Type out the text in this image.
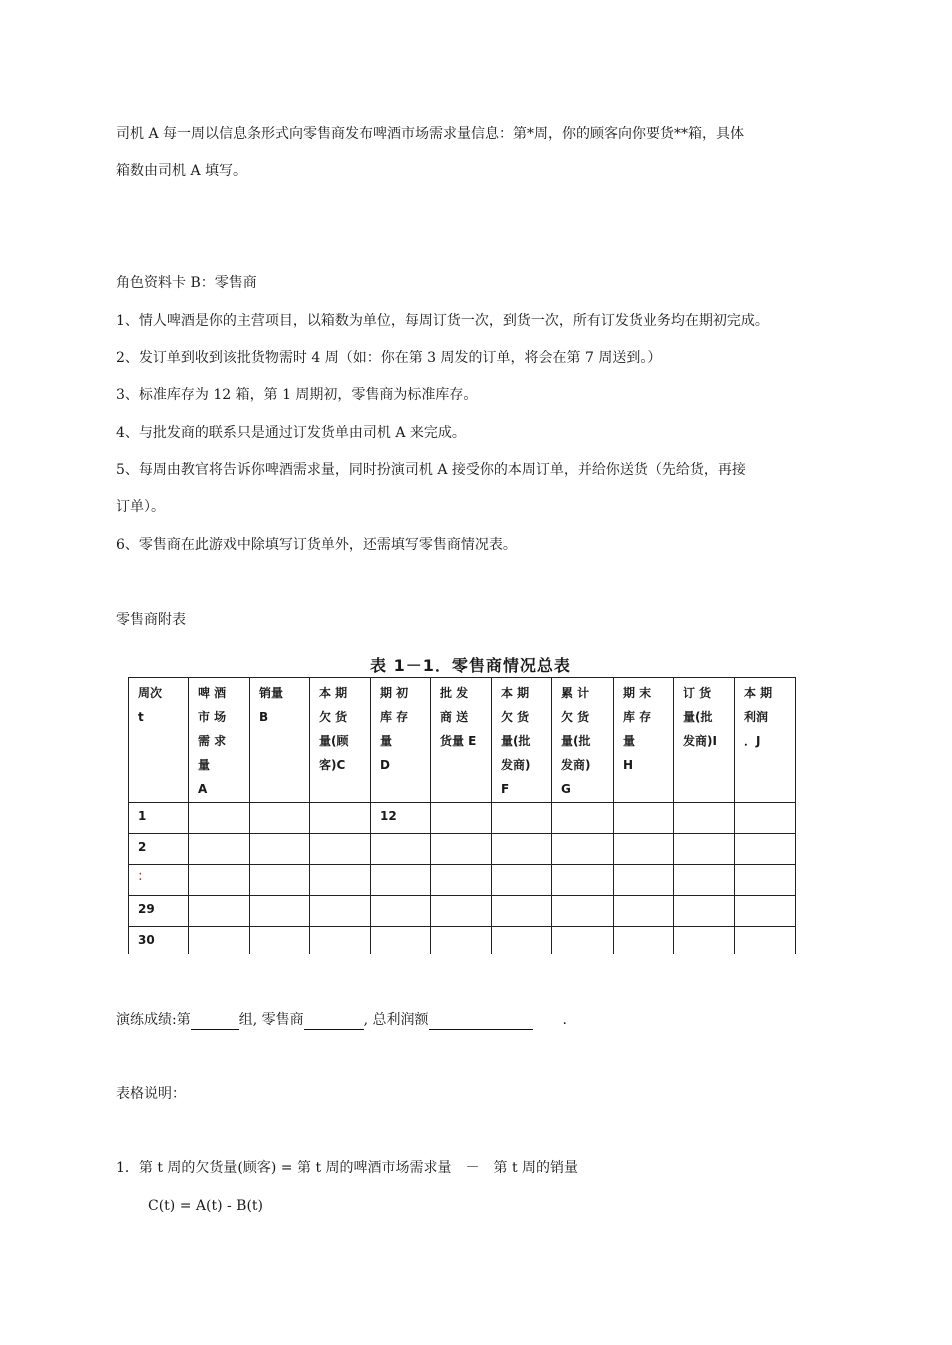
司机 A 每一周以信息条形式向零售商发布啤酒市场需求量信息：第*周，你的顾客向你要货**箱，具体
箱数由司机 A 填写。
角色资料卡 B：零售商
1、情人啤酒是你的主营项目，以箱数为单位，每周订货一次，到货一次，所有订发货业务均在期初完成。
2、发订单到收到该批货物需时 4 周（如：你在第 3 周发的订单，将会在第 7 周送到。）
3、标准库存为 12 箱，第 1 周期初，零售商为标准库存。
4、与批发商的联系只是通过订发货单由司机 A 来完成。
5、每周由教官将告诉你啤酒需求量，同时扮演司机 A 接受你的本周订单，并给你送货（先给货，再接
订单）。
6、零售商在此游戏中除填写订货单外，还需填写零售商情况表。
零售商附表
表 1－1．零售商情况总表
周次
t	啤 酒
市 场
需 求
量
A	销量
B	本 期
欠 货
量(顾
客)C	期 初
库 存
量
D	批 发
商 送
货量 E	本 期
欠 货
量(批
发商)
F	累 计
欠 货
量(批
发商)
G	期 末
库 存
量
H	订 货
量(批
发商)I	本 期
利润
．J

1				12						
2										
:										
29										
30										
演练成绩:第	组, 零售商	, 总利润额	.
表格说明：
1．第 t 周的欠货量(顾客) = 第 t 周的啤酒市场需求量　－　第 t 周的销量
C(t) = A(t) - B(t)
